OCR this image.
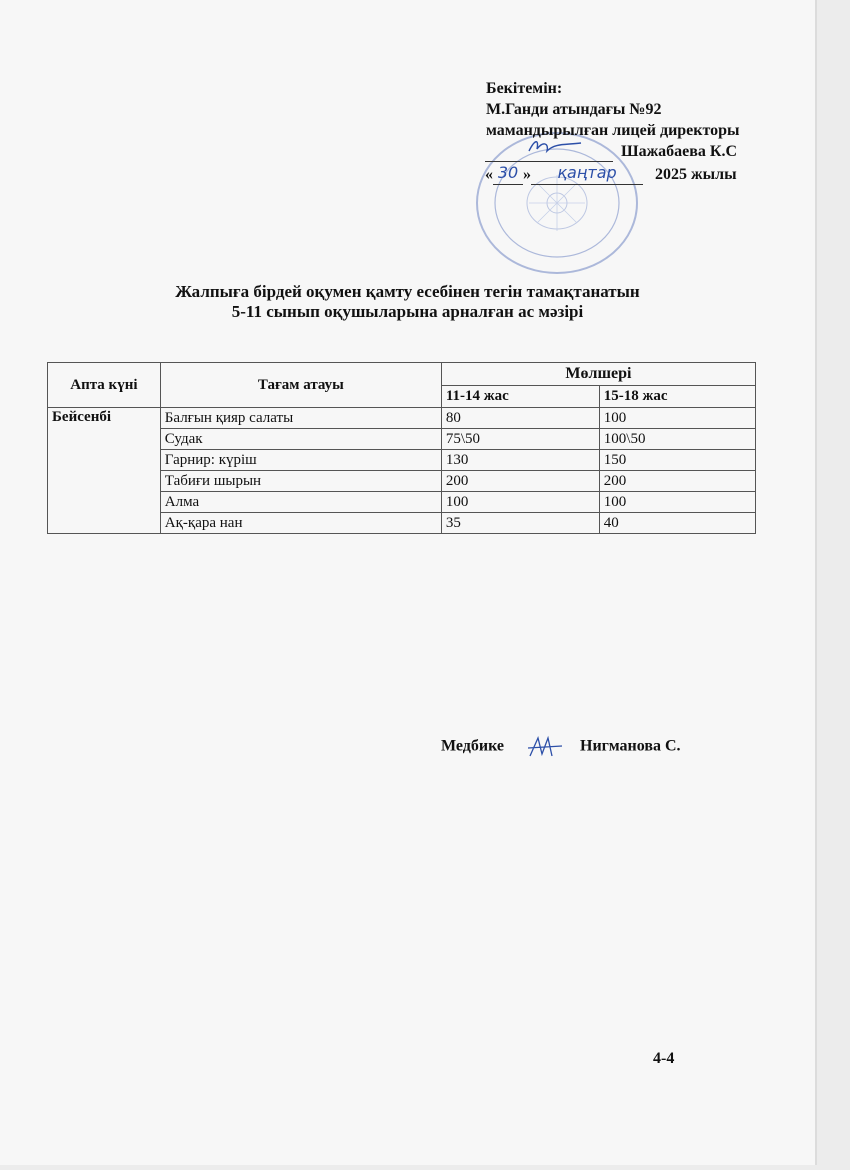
Бекітемін:
М.Ганди атындағы №92
мамандырылған лицей директоры
Шажабаева К.С
« 30 » қаңтар 2025 жылы
Жалпыға бірдей оқумен қамту есебінен тегін тамақтанатын
5-11 сынып оқушыларына арналған ас мәзірі
Апта күні	Тағам атауы	Мөлшері	
		11-14 жас	15-18 жас
Бейсенбі	Балғын қияр салаты	80	100
	Судак	75\50	100\50
	Гарнир: күріш	130	150
	Табиғи шырын	200	200
	Алма	100	100
	Ақ-қара нан	35	40
Медбике	Нигманова С.
4-4
